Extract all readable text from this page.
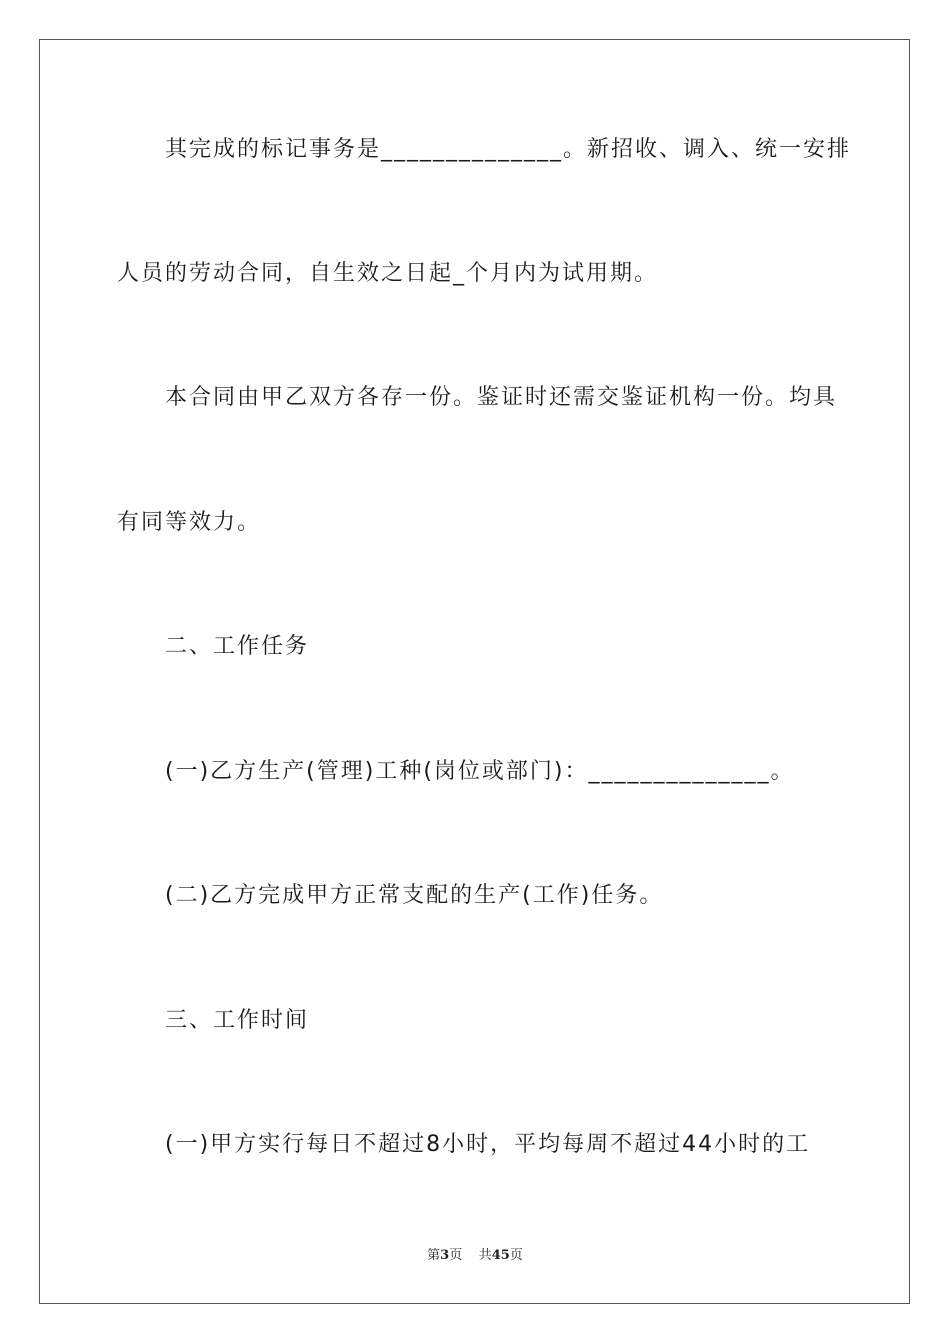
　　其完成的标记事务是______________。新招收、调入、统一安排
人员的劳动合同，自生效之日起_个月内为试用期。
　　本合同由甲乙双方各存一份。鉴证时还需交鉴证机构一份。均具
有同等效力。
　　二、工作任务
　　(一)乙方生产(管理)工种(岗位或部门)：______________。
　　(二)乙方完成甲方正常支配的生产(工作)任务。
　　三、工作时间
　　(一)甲方实行每日不超过8小时，平均每周不超过44小时的工
第3页 共45页
